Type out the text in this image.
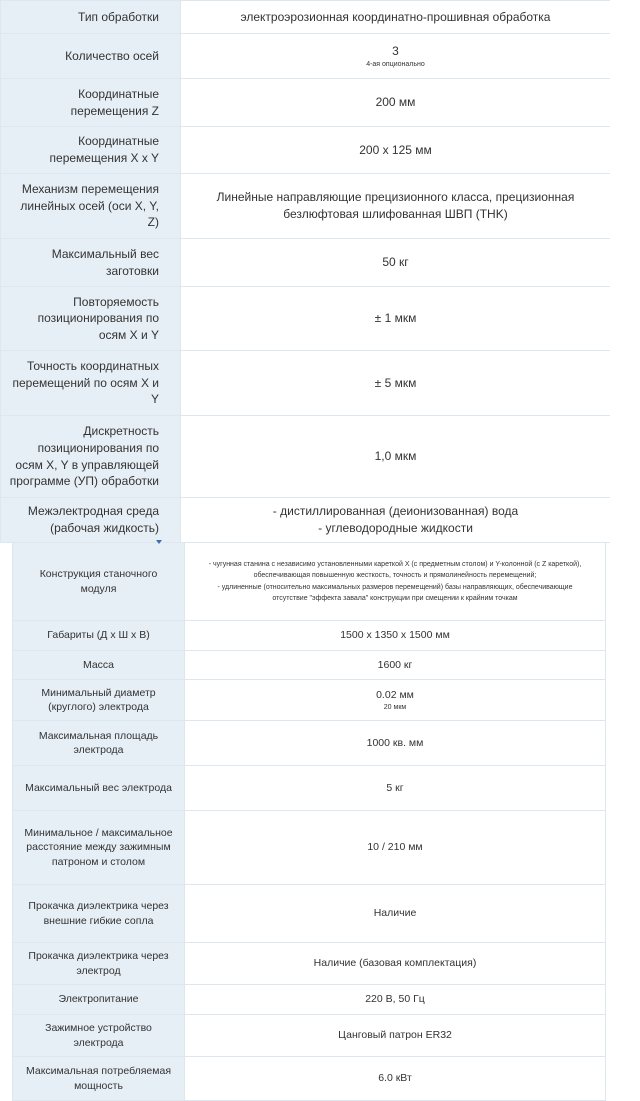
Тип обработки	электроэрозионная координатно-прошивная обработка
Количество осей	3
4-ая опционально

Координатные перемещения Z	200 мм
Координатные перемещения X x Y	200 x 125 мм
Механизм перемещения линейных осей (оси X, Y, Z)	Линейные направляющие прецизионного класса, прецизионная безлюфтовая шлифованная ШВП (THK)
Максимальный вес заготовки	50 кг
Повторяемость позиционирования по осям X и Y	± 1 мкм
Точность координатных перемещений по осям X и Y	± 5 мкм
Дискретность позиционирования по осям X, Y в управляющей программе (УП) обработки	1,0 мкм
Межэлектродная среда (рабочая жидкость)	- дистиллированная (деионизованная) вода
- углеводородные жидкости
Конструкция станочного модуля	- чугунная станина с независимо установленными кареткой X (с предметным столом) и Y-колонной (с Z кареткой), обеспечивающая повышенную жесткость, точность и прямолинейность перемещений;
- удлиненные (относительно максимальных размеров перемещений) базы направляющих, обеспечивающие отсутствие "эффекта завала" конструкции при смещении к крайним точкам
Габариты (Д х Ш х В)	1500 х 1350 х 1500 мм
Масса	1600 кг
Минимальный диаметр (круглого) электрода	0.02 мм
20 мкм

Максимальная площадь электрода	1000 кв. мм
Максимальный вес электрода	5 кг
Минимальное / максимальное расстояние между зажимным патроном и столом	10 / 210 мм
Прокачка диэлектрика через внешние гибкие сопла	Наличие
Прокачка диэлектрика через электрод	Наличие (базовая комплектация)
Электропитание	220 В, 50 Гц
Зажимное устройство электрода	Цанговый патрон ER32
Максимальная потребляемая мощность	6.0 кВт
